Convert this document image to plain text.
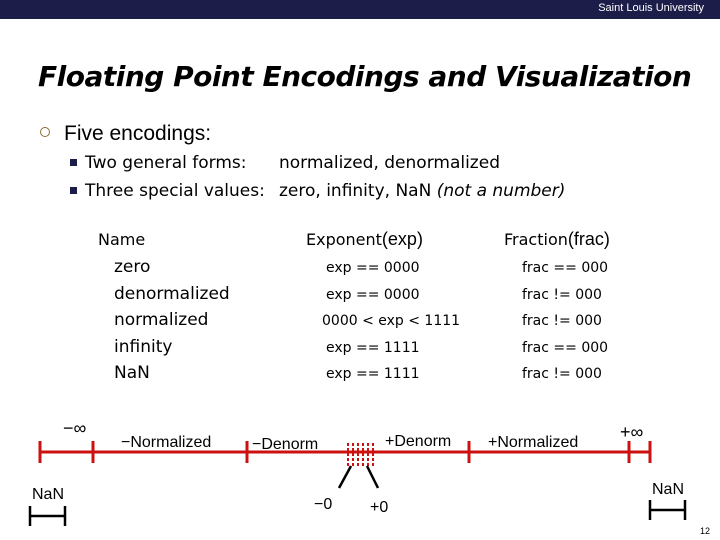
Saint Louis University
Floating Point Encodings and Visualization
Five encodings:
Two general forms: normalized, denormalized
Three special values: zero, infinity, NaN (not a number)
Name	Exponent(exp)	Fraction(frac)
zero	exp == 0000	frac == 000
denormalized	exp == 0000	frac != 000
normalized	0000 < exp < 1111	frac != 000
infinity	exp == 1111	frac == 000
NaN	exp == 1111	frac != 000
−∞
−Normalized	−Denorm	+Denorm +Normalized
+∞
NaN	NaN
−0 +0
12
